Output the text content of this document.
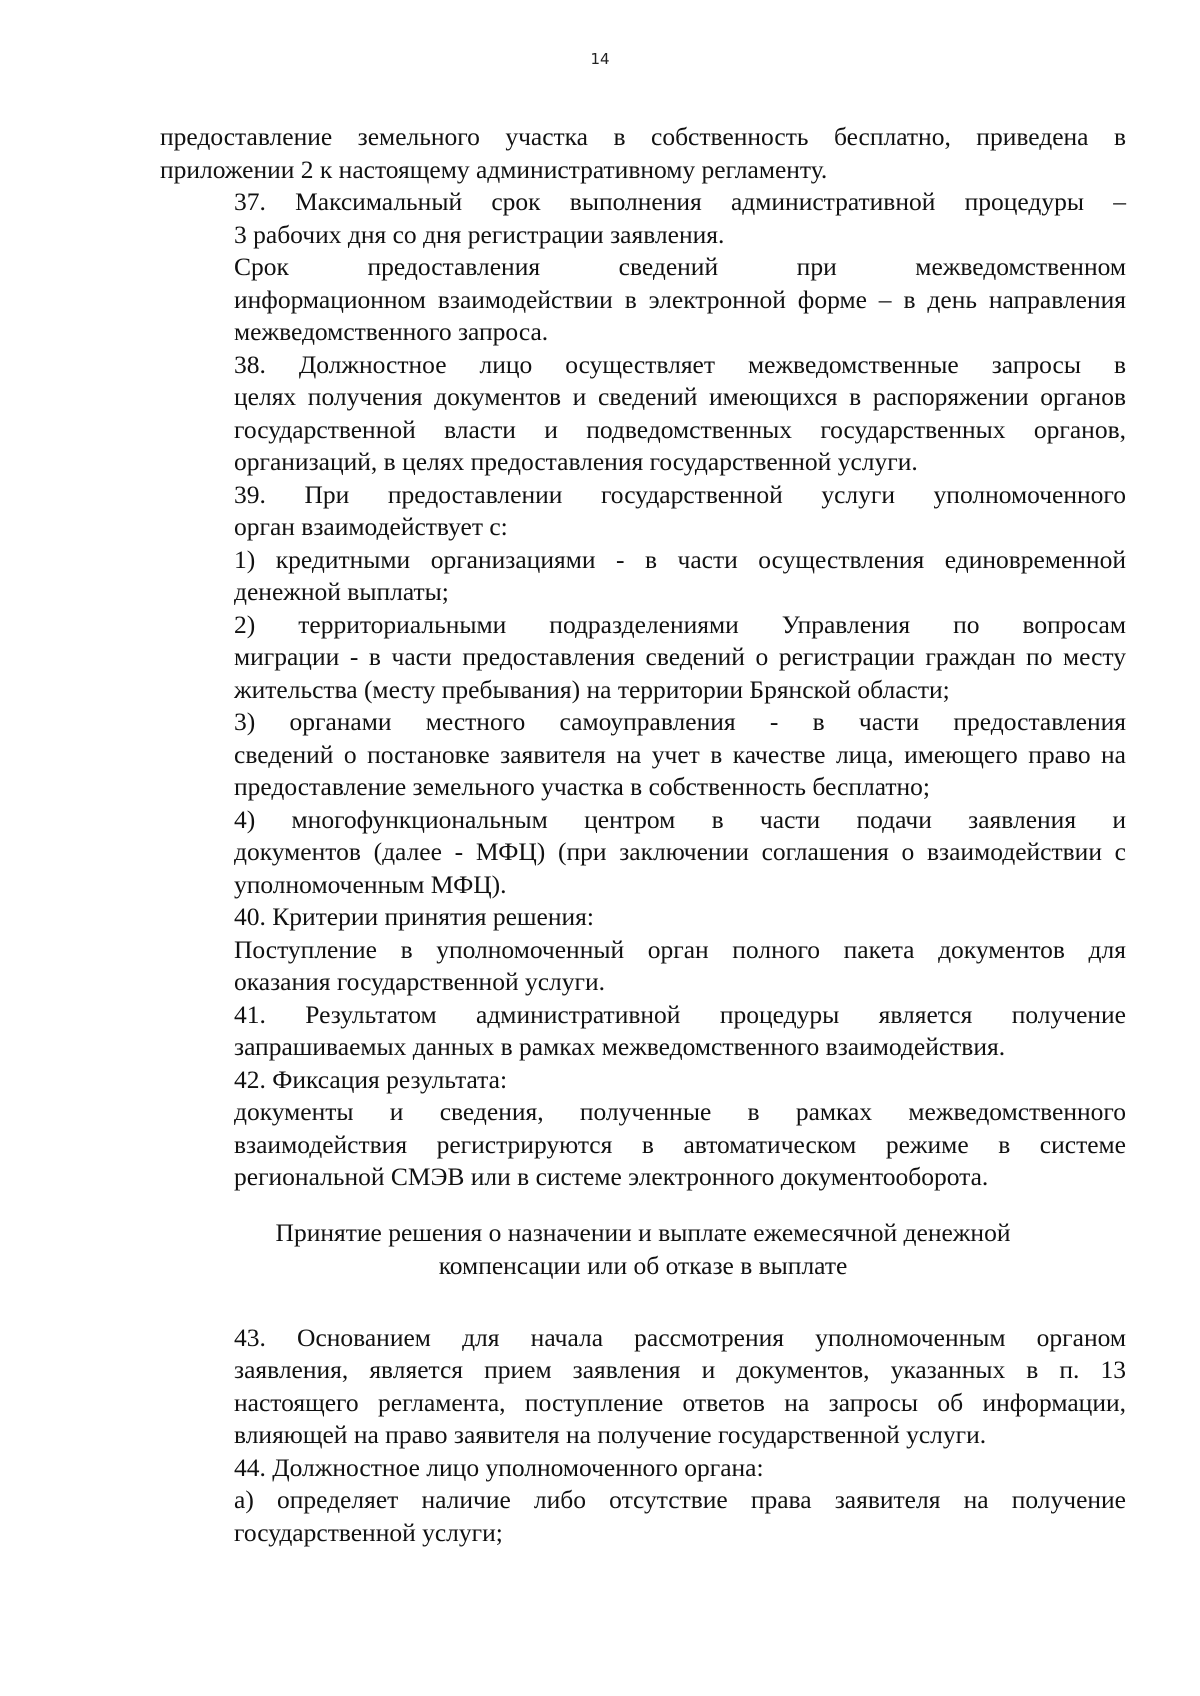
14

предоставление земельного участка в собственность бесплатно, приведена в
приложении 2 к настоящему административному регламенту.

37. Максимальный срок выполнения административной процедуры –
3 рабочих дня со дня регистрации заявления.

Срок предоставления сведений при межведомственном
информационном взаимодействии в электронной форме – в день направления
межведомственного запроса.

38. Должностное лицо осуществляет межведомственные запросы в
целях получения документов и сведений имеющихся в распоряжении органов
государственной власти и подведомственных государственных органов,
организаций, в целях предоставления государственной услуги.

39. При предоставлении государственной услуги уполномоченного
орган взаимодействует с:

1) кредитными организациями - в части осуществления единовременной
денежной выплаты;

2) территориальными подразделениями Управления по вопросам
миграции - в части предоставления сведений о регистрации граждан по месту
жительства (месту пребывания) на территории Брянской области;

3) органами местного самоуправления - в части предоставления
сведений о постановке заявителя на учет в качестве лица, имеющего право на
предоставление земельного участка в собственность бесплатно;

4) многофункциональным центром в части подачи заявления и
документов (далее - МФЦ) (при заключении соглашения о взаимодействии с
уполномоченным МФЦ).

40. Критерии принятия решения:

Поступление в уполномоченный орган полного пакета документов для
оказания государственной услуги.

41. Результатом административной процедуры является получение
запрашиваемых данных в рамках межведомственного взаимодействия.

42. Фиксация результата:

документы и сведения, полученные в рамках межведомственного
взаимодействия регистрируются в автоматическом режиме в системе
региональной СМЭВ или в системе электронного документооборота.

Принятие решения о назначении и выплате ежемесячной денежной
компенсации или об отказе в выплате

43. Основанием для начала рассмотрения уполномоченным органом
заявления, является прием заявления и документов, указанных в п. 13
настоящего регламента, поступление ответов на запросы об информации,
влияющей на право заявителя на получение государственной услуги.

44. Должностное лицо уполномоченного органа:

а) определяет наличие либо отсутствие права заявителя на получение
государственной услуги;
